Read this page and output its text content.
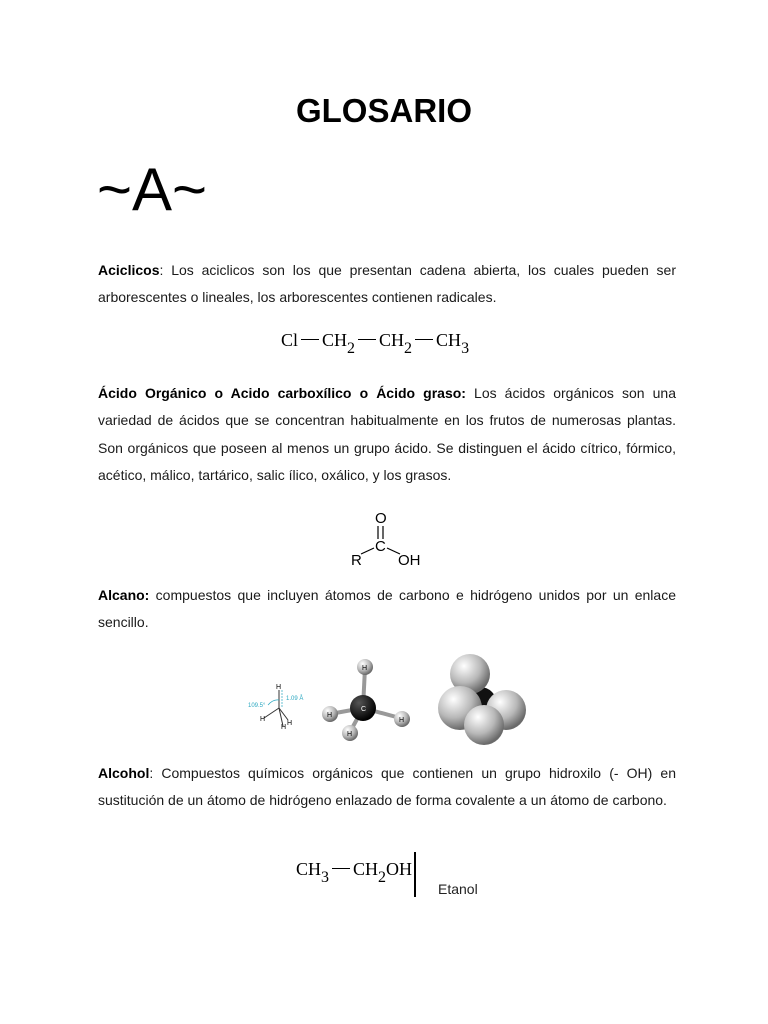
GLOSARIO
~A~
Aciclicos: Los aciclicos son los que presentan cadena abierta, los cuales pueden ser arborescentes o lineales, los arborescentes contienen radicales.
Cl CH2 CH2 CH3
Ácido Orgánico o Acido carboxílico o Ácido graso: Los ácidos orgánicos son una variedad de ácidos que se concentran habitualmente en los frutos de numerosas plantas. Son orgánicos que poseen al menos un grupo ácido. Se distinguen el ácido cítrico, fórmico, acético, málico, tartárico, salic ílico, oxálico, y los grasos.
O
C
R OH
Alcano: compuestos que incluyen átomos de carbono e hidrógeno unidos por un enlace sencillo.
H
H
H
H
109.5°
1.09 Å
H
H
H
H
C
Alcohol: Compuestos químicos orgánicos que contienen un grupo hidroxilo (- OH) en sustitución de un átomo de hidrógeno enlazado de forma covalente a un átomo de carbono.
CH3 CH2OH
Etanol
